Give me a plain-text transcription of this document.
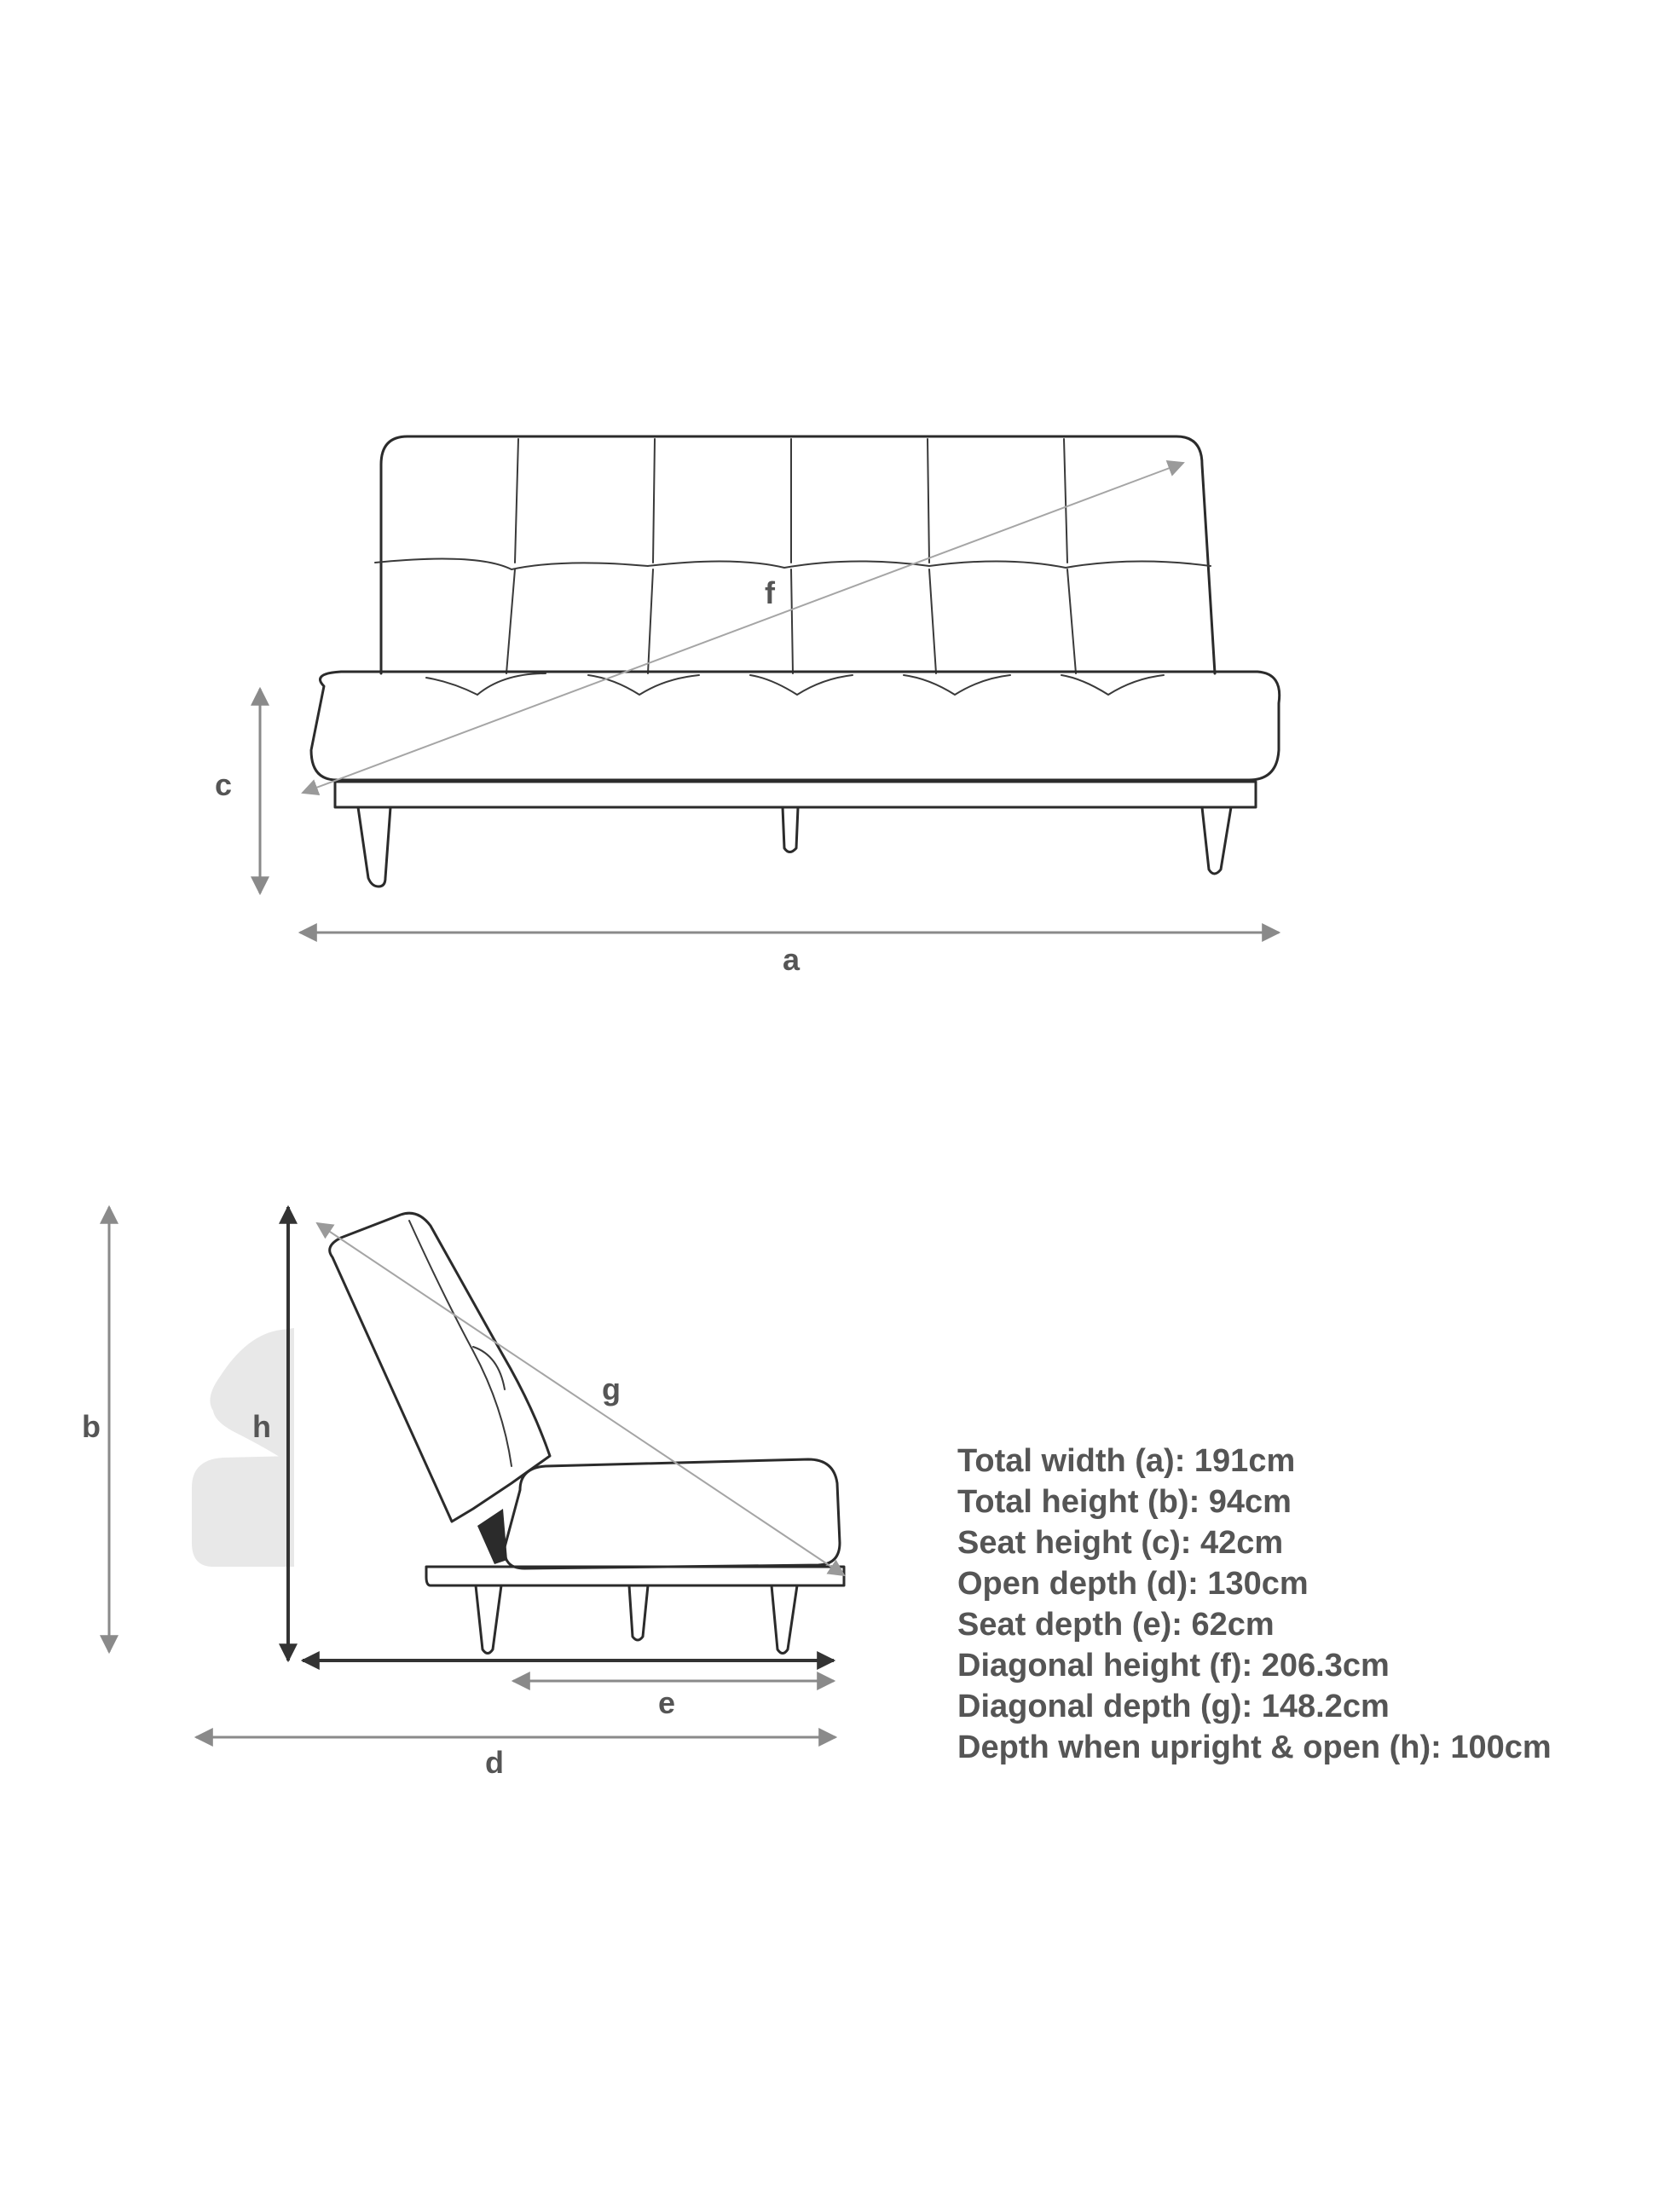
f
c
a
b	h
g
e
d
Total width (a): 191cm
Total height (b): 94cm
Seat height (c): 42cm
Open depth (d): 130cm
Seat depth (e): 62cm
Diagonal height (f): 206.3cm
Diagonal depth (g): 148.2cm
Depth when upright & open (h): 100cm
